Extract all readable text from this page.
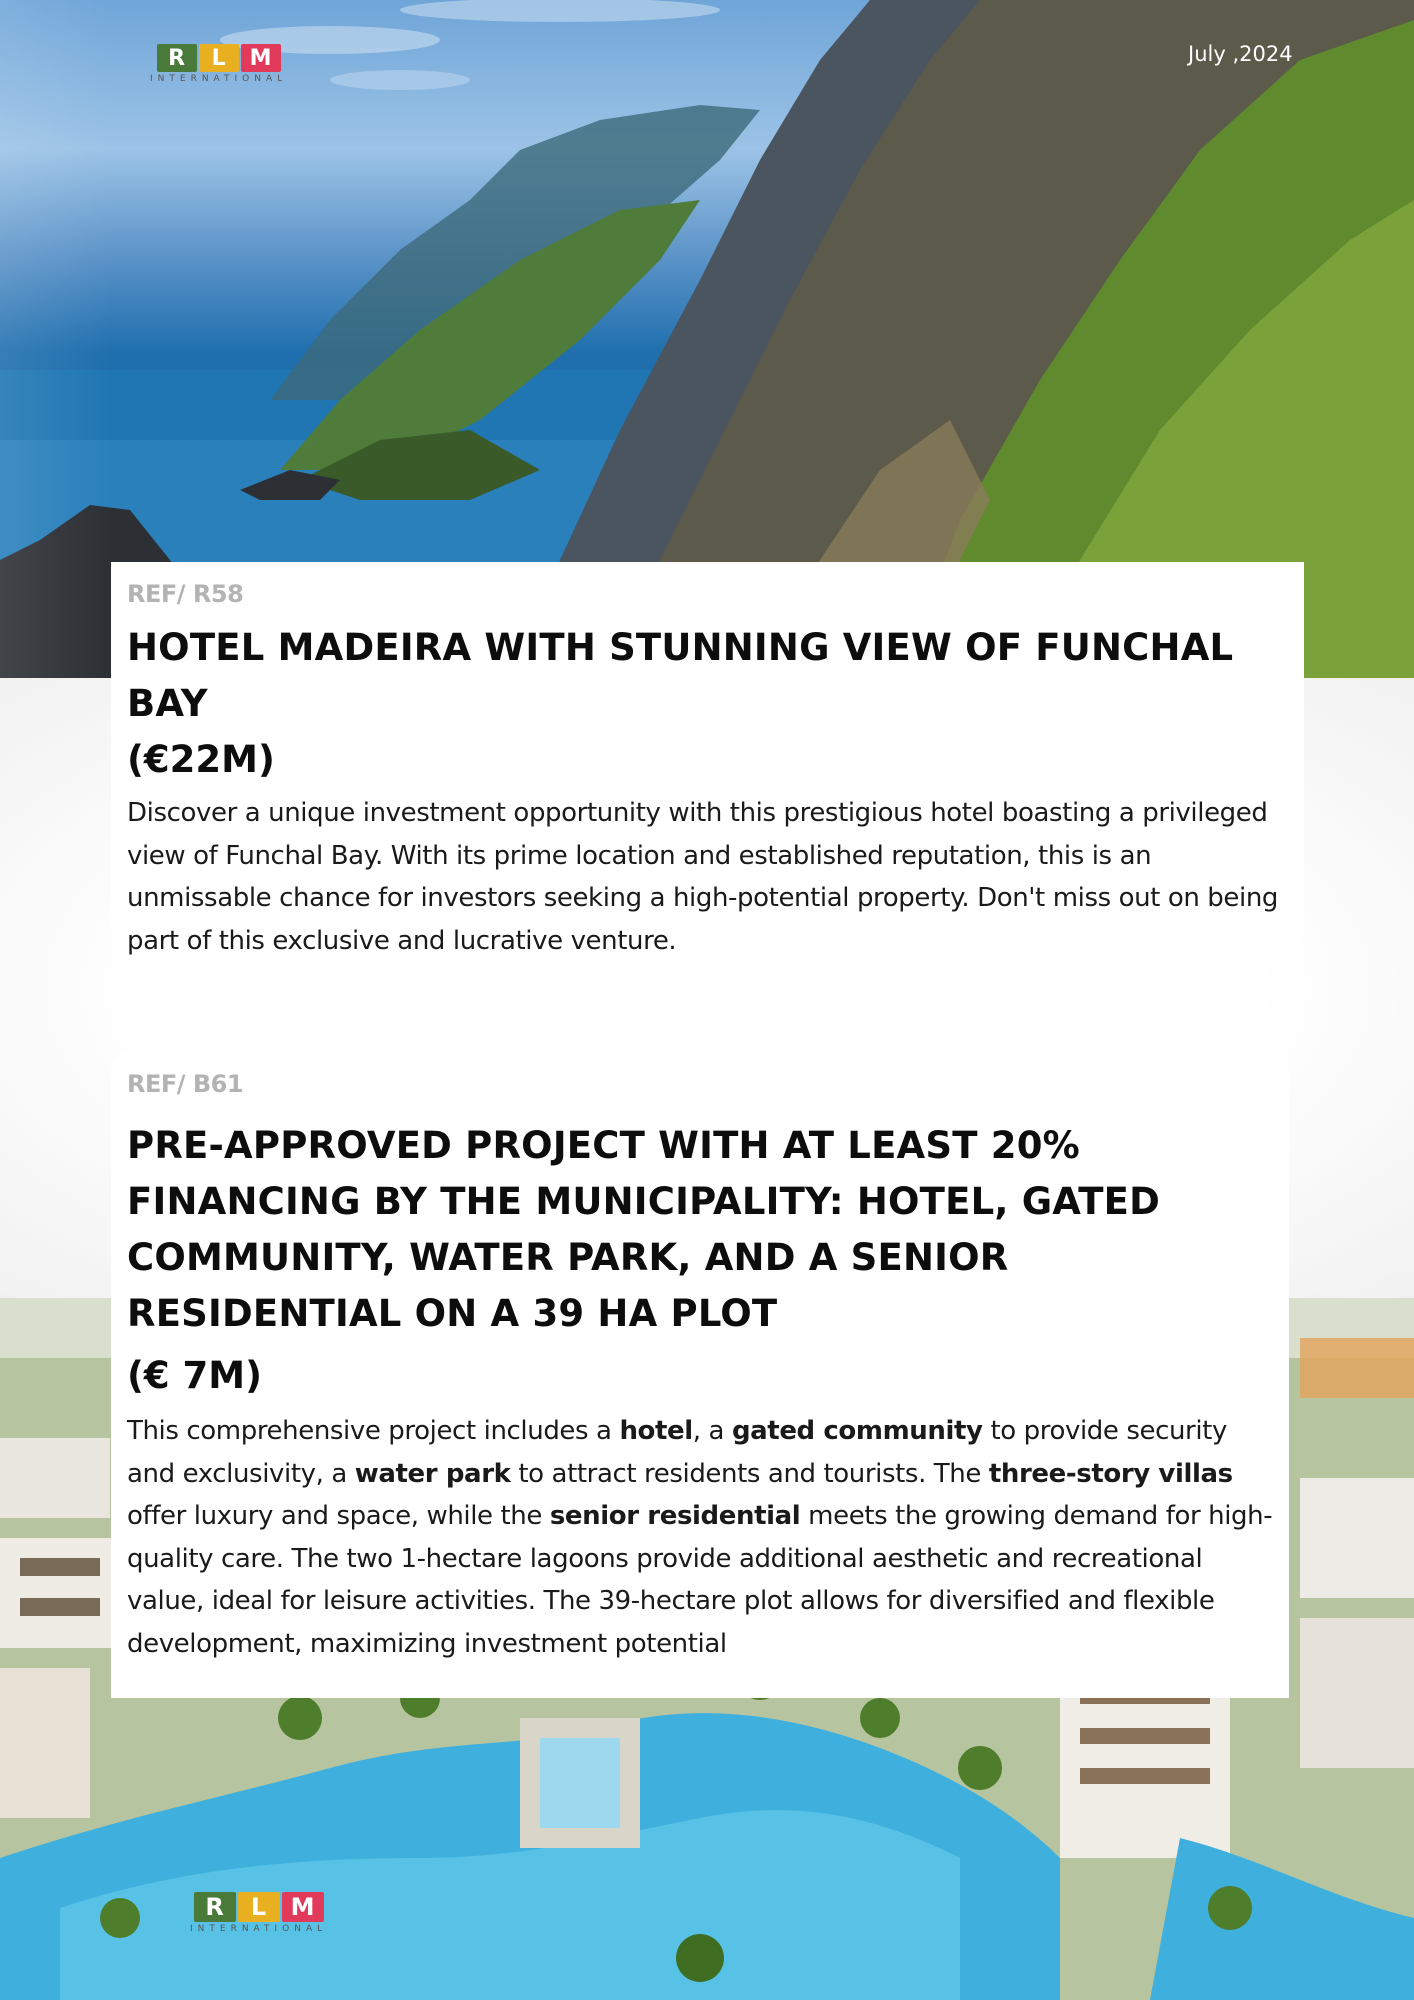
R	L	M
INTERNATIONAL
July ,2024
REF/ R58
HOTEL MADEIRA WITH STUNNING VIEW OF FUNCHAL BAY
(€22M)

Discover a unique investment opportunity with this prestigious hotel boasting a privileged view of Funchal Bay. With its prime location and established reputation, this is an unmissable chance for investors seeking a high-potential property. Don't miss out on being part of this exclusive and lucrative venture.

REF/ B61
PRE-APPROVED PROJECT WITH AT LEAST 20% FINANCING BY THE MUNICIPALITY: HOTEL, GATED COMMUNITY, WATER PARK, AND A SENIOR RESIDENTIAL ON A 39 HA PLOT
(€ 7M)

This comprehensive project includes a hotel, a gated community to provide security and exclusivity, a water park to attract residents and tourists. The three-story villas offer luxury and space, while the senior residential meets the growing demand for high-quality care. The two 1-hectare lagoons provide additional aesthetic and recreational value, ideal for leisure activities. The 39-hectare plot allows for diversified and flexible development, maximizing investment potential

R	L	M
INTERNATIONAL
